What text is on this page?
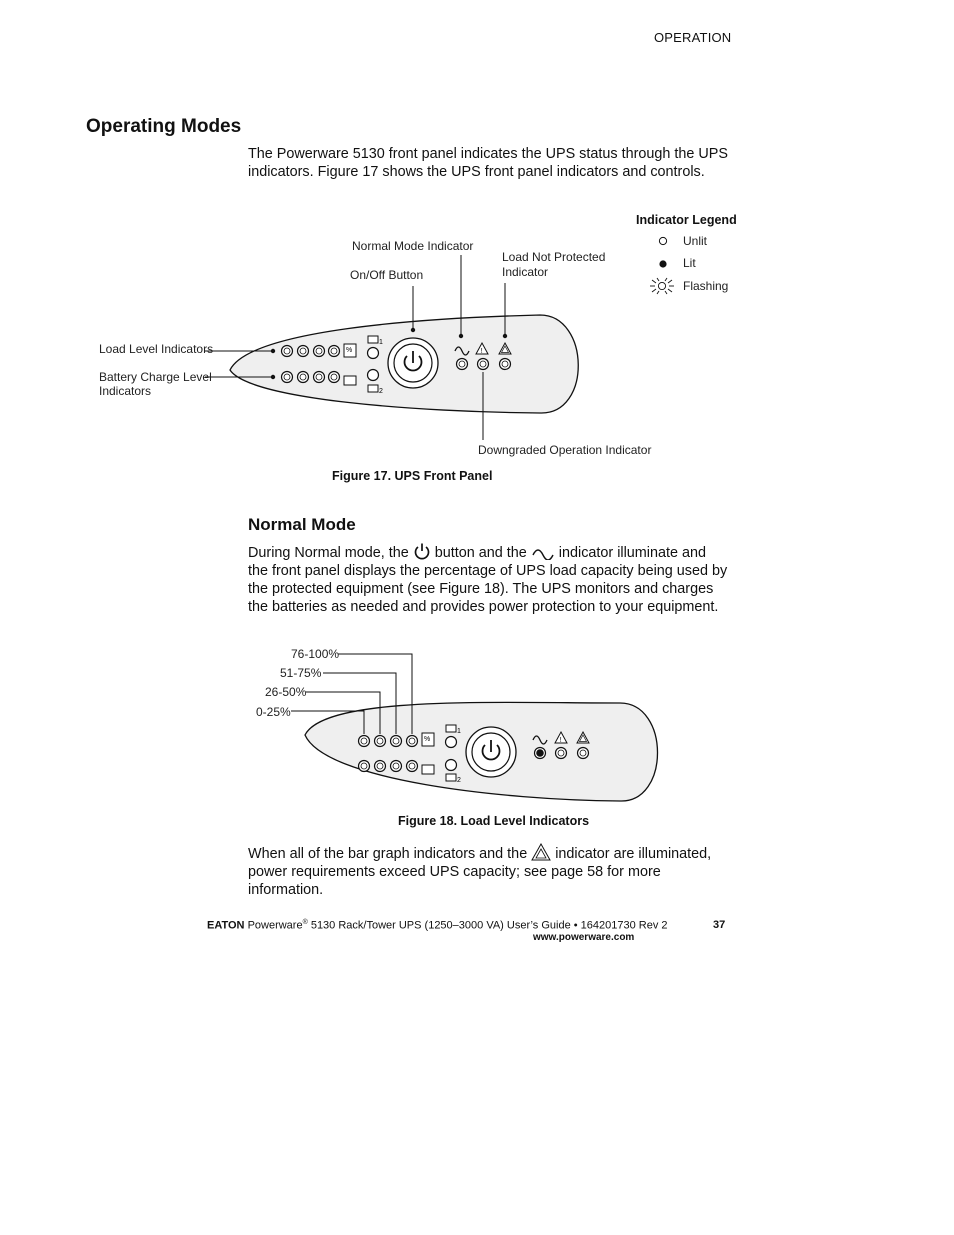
OPERATION
Operating Modes
The Powerware 5130 front panel indicates the UPS status through the UPS indicators. Figure 17 shows the UPS front panel indicators and controls.
%
1
2
!
Normal Mode Indicator
On/Off Button
Load Not Protected
Indicator
Load Level Indicators
Battery Charge Level
Indicators
Downgraded Operation Indicator
Indicator Legend
Unlit
Lit
Flashing
Figure 17. UPS Front Panel
Normal Mode
During Normal mode, the button and the indicator illuminate and the front panel displays the percentage of UPS load capacity being used by the protected equipment (see Figure 18). The UPS monitors and charges the batteries as needed and provides power protection to your equipment.
%
1
2
!
76-100%
51-75%
26-50%
0-25%
Figure 18. Load Level Indicators
When all of the bar graph indicators and the indicator are illuminated, power requirements exceed UPS capacity; see page 58 for more information.
EATON Powerware® 5130 Rack/Tower UPS (1250–3000 VA) User’s Guide • 164201730 Rev 2
www.powerware.com
37
